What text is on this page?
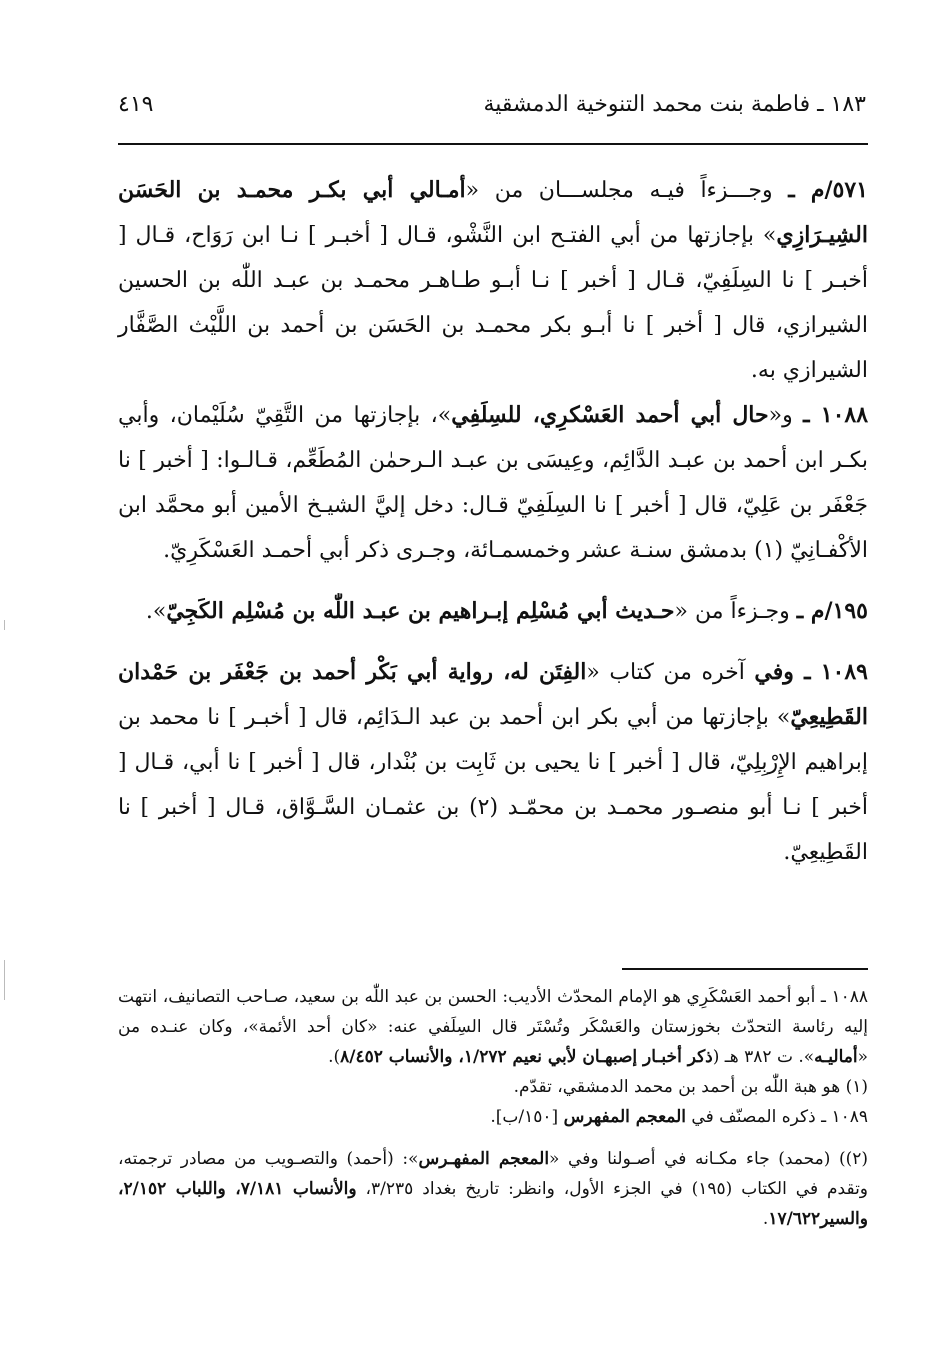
١٨٣ ـ فاطمة بنت محمد التنوخية الدمشقية
٤١٩

٥٧١/م ـ وجـــزءاً فيـه مجلســـان من «أمـالي أبي بكـر محمـد بن الحَسَن الشِيـرَازِي» بإجازتها من أبي الفتـح ابن النَّشْو، قـال [ أخبـر ] نـا ابن رَوَاح، قـال [ أخبـر ] نا السِلَفِيّ، قـال [ أخبر ] نـا أبـو طـاهـر محمـد بن عبـد اللّٰه بن الحسين الشيرازي، قال [ أخبر ] نا أبـو بكر محمـد بن الحَسَن بن أحمد بن اللَّيْث الصَّفَّار الشيرازي به.

١٠٨٨ ـ و«حال أبي أحمد العَسْكرِي، للسِلَفِي»، بإجازتها من التَّقِيّ سُلَيْمان، وأبي بكـر ابن أحمد بن عبـد الدَّائِم، وعِيسَى بن عبـد الـرحمٰن المُطَعِّم، قـالـوا: [ أخبر ] نا جَعْفَر بن عَلِيّ، قال [ أخبر ] نا السِلَفِيّ قـال: دخل إليَّ الشيـخ الأمين أبو محمَّد ابن الأكْفـانِيّ (١) بدمشق سنـة عشر وخمسمـائة، وجـرى ذكر أبي أحمـد العَسْكَرِيّ.

١٩٥/م ـ وجـزءاً من «حـديث أبي مُسْلِم إبـراهيم بن عبـد اللّٰه بن مُسْلِم الكَجِيّ».

١٠٨٩ ـ وفي آخره من كتاب «الفِتَن له، رواية أبي بَكْر أحمد بن جَعْفَر بن حَمْدان القَطِيعِيّ» بإجازتها من أبي بكر ابن أحمد بن عبد الـدَائِم، قال [ أخبـر ] نا محمد بن إبراهيم الإِرْبِلِيّ، قال [ أخبر ] نا يحيى بن ثَابِت بن بُنْدار، قال [ أخبر ] نا أبي، قـال [ أخبر ] نـا أبو منصـور محمـد بن محمّـد (٢) بن عثمـان السَّـوَّاق، قـال [ أخبر ] نا القَطِيعِيّ.

١٠٨٨ ـ أبو أحمد العَسْكَرِي هو الإمام المحدّث الأديب: الحسن بن عبد اللّٰه بن سعيد، صـاحب التصانيف، انتهت إليه رئاسة التحدّث بخوزستان والعَسْكَر وتُسْتَر قال السِلَفي عنه: «كان أحد الأئمة»، وكان عنـده من «أماليـه». ت ٣٨٢ هـ (ذكر أخبـار إصبهـان لأبي نعيم ١/٢٧٢، والأنساب ٨/٤٥٢).

(١) هو هبة اللّٰه بن أحمد بن محمد الدمشقي، تقدّم.

١٠٨٩ ـ ذكره المصنّف في المعجم المفهرس [١٥٠/ب].

(٢)) (محمد) جاء مكـانه في أصـولنا وفي «المعجم المفهـرس»: (أحمد) والتصـويب من مصادر ترجمته، وتقدم في الكتاب (١٩٥) في الجزء الأول، وانظر: تاريخ بغداد ٣/٢٣٥، والأنساب ٧/١٨١، واللباب ٢/١٥٢، والسير١٧/٦٢٢.
